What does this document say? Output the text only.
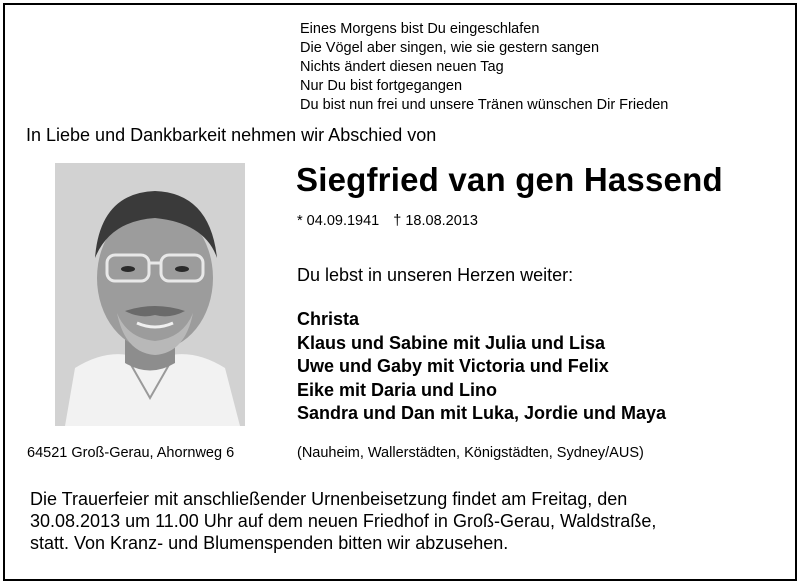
Eines Morgens bist Du eingeschlafen
Die Vögel aber singen, wie sie gestern sangen
Nichts ändert diesen neuen Tag
Nur Du bist fortgegangen
Du bist nun frei und unsere Tränen wünschen Dir Frieden
In Liebe und Dankbarkeit nehmen wir Abschied von
Siegfried van gen Hassend
* 04.09.1941 † 18.08.2013
Du lebst in unseren Herzen weiter:
Christa
Klaus und Sabine mit Julia und Lisa
Uwe und Gaby mit Victoria und Felix
Eike mit Daria und Lino
Sandra und Dan mit Luka, Jordie und Maya
64521 Groß-Gerau, Ahornweg 6	(Nauheim, Wallerstädten, Königstädten, Sydney/AUS)
Die Trauerfeier mit anschließender Urnenbeisetzung findet am Freitag, den
30.08.2013 um 11.00 Uhr auf dem neuen Friedhof in Groß-Gerau, Waldstraße,
statt. Von Kranz- und Blumenspenden bitten wir abzusehen.
